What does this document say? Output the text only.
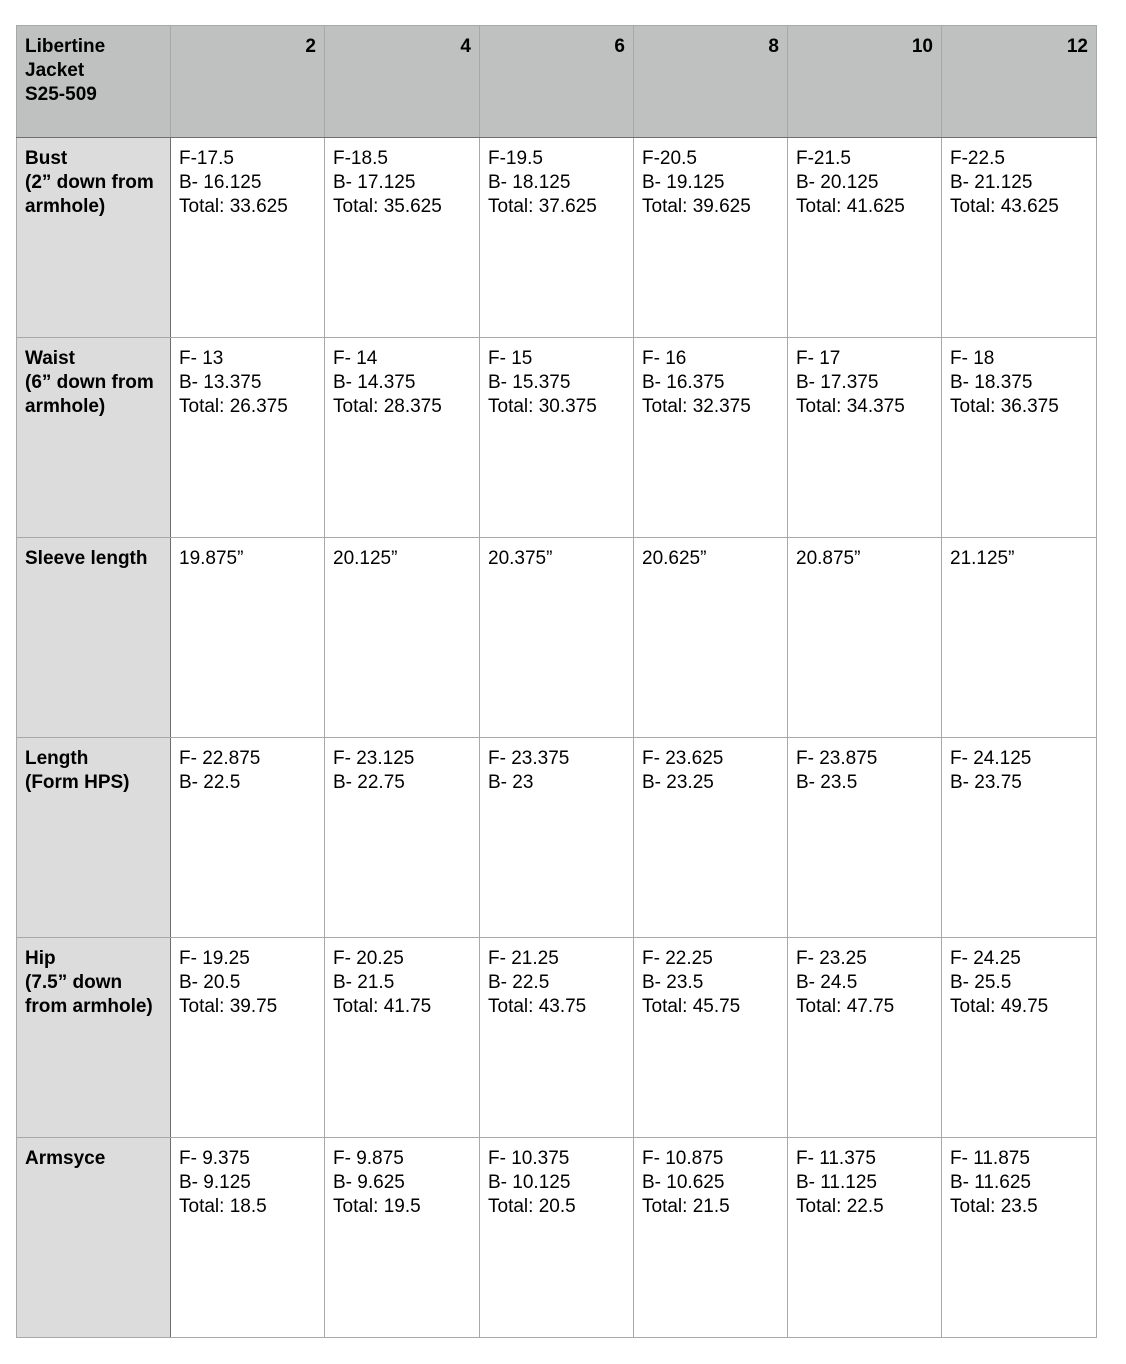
Libertine
Jacket
S25-509	2	4	6	8	10	12

Bust
(2” down from
armhole)	F-17.5
B- 16.125
Total: 33.625	F-18.5
B- 17.125
Total: 35.625	F-19.5
B- 18.125
Total: 37.625	F-20.5
B- 19.125
Total: 39.625	F-21.5
B- 20.125
Total: 41.625	F-22.5
B- 21.125
Total: 43.625

Waist
(6” down from
armhole)	F- 13
B- 13.375
Total: 26.375	F- 14
B- 14.375
Total: 28.375	F- 15
B- 15.375
Total: 30.375	F- 16
B- 16.375
Total: 32.375	F- 17
B- 17.375
Total: 34.375	F- 18
B- 18.375
Total: 36.375

Sleeve length	19.875”	20.125”	20.375”	20.625”	20.875”	21.125”

Length
(Form HPS)	F- 22.875
B- 22.5	F- 23.125
B- 22.75	F- 23.375
B- 23	F- 23.625
B- 23.25	F- 23.875
B- 23.5	F- 24.125
B- 23.75

Hip
(7.5” down
from armhole)	F- 19.25
B- 20.5
Total: 39.75	F- 20.25
B- 21.5
Total: 41.75	F- 21.25
B- 22.5
Total: 43.75	F- 22.25
B- 23.5
Total: 45.75	F- 23.25
B- 24.5
Total: 47.75	F- 24.25
B- 25.5
Total: 49.75

Armsyce	F- 9.375
B- 9.125
Total: 18.5	F- 9.875
B- 9.625
Total: 19.5	F- 10.375
B- 10.125
Total: 20.5	F- 10.875
B- 10.625
Total: 21.5	F- 11.375
B- 11.125
Total: 22.5	F- 11.875
B- 11.625
Total: 23.5
